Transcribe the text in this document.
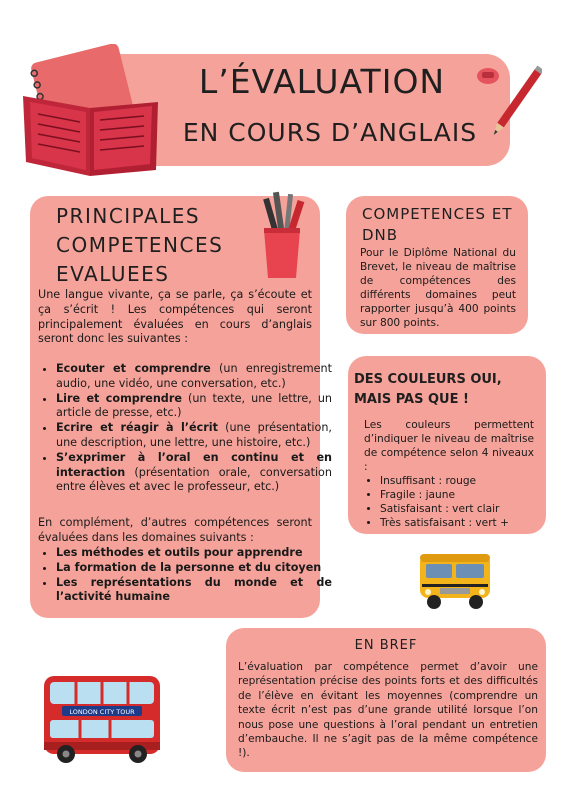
L’ÉVALUATION
EN COURS D’ANGLAIS
PRINCIPALES COMPETENCES EVALUEES
Une langue vivante, ça se parle, ça s’écoute et ça s’écrit ! Les compétences qui seront principalement évaluées en cours d’anglais seront donc les suivantes :
• Ecouter et comprendre (un enregistrement audio, une vidéo, une conversation, etc.)
• Lire et comprendre (un texte, une lettre, un article de presse, etc.)
• Ecrire et réagir à l’écrit (une présentation, une description, une lettre, une histoire, etc.)
• S’exprimer à l’oral en continu et en interaction (présentation orale, conversation entre élèves et avec le professeur, etc.)
En complément, d’autres compétences seront évaluées dans les domaines suivants :
• Les méthodes et outils pour apprendre
• La formation de la personne et du citoyen
• Les représentations du monde et de l’activité humaine
COMPETENCES ET DNB
Pour le Diplôme National du Brevet, le niveau de maîtrise de compétences des différents domaines peut rapporter jusqu’à 400 points sur 800 points.
DES COULEURS OUI, MAIS PAS QUE !
Les couleurs permettent d’indiquer le niveau de maîtrise de compétence selon 4 niveaux :
• Insuffisant : rouge
• Fragile : jaune
• Satisfaisant : vert clair
• Très satisfaisant : vert +
LONDON CITY TOUR
EN BREF
L’évaluation par compétence permet d’avoir une représentation précise des points forts et des difficultés de l’élève en évitant les moyennes (comprendre un texte écrit n’est pas d’une grande utilité lorsque l’on nous pose une questions à l’oral pendant un entretien d’embauche. Il ne s’agit pas de la même compétence !).
